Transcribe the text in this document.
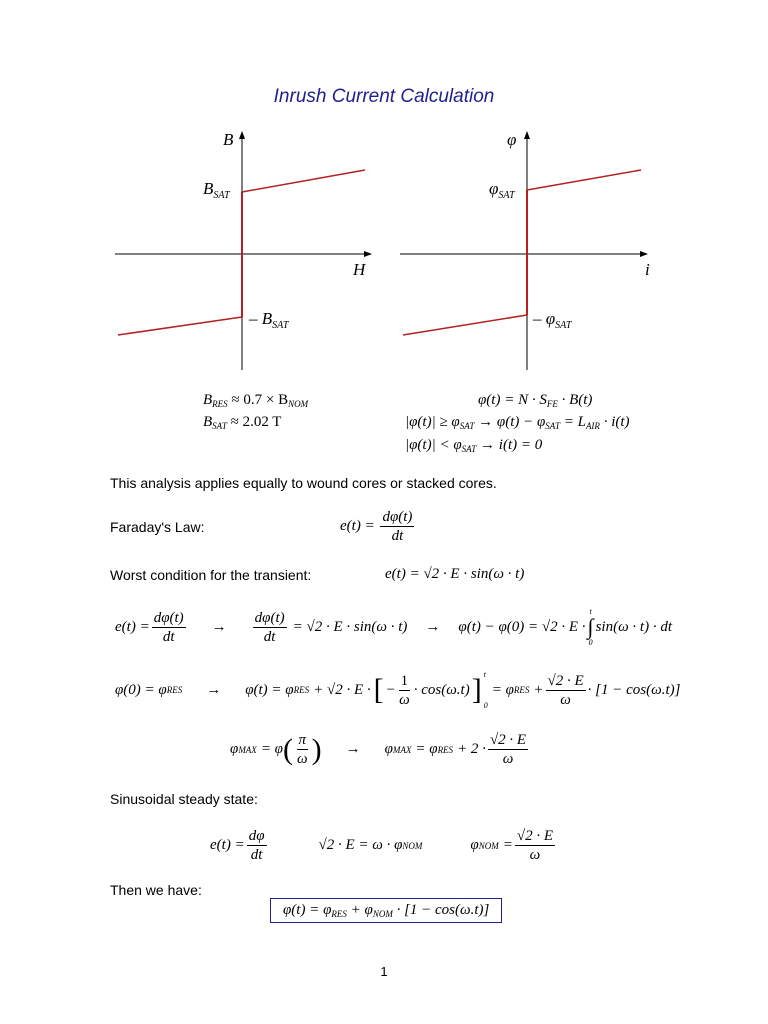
Inrush Current Calculation
B
H
$B_{SAT}$
– $B_{SAT}$
φ
i
$\varphi_{SAT}$
– $\varphi_{SAT}$
$B_{RES} \approx 0.7 \times B_{NOM}$
$B_{SAT} \approx 2.02$ T
$\varphi(t) = N \cdot S_{FE} \cdot B(t)$
$|\varphi(t)| \ge \varphi_{SAT} \to \varphi(t) - \varphi_{SAT} = L_{AIR} \cdot i(t)$
$|\varphi(t)| < \varphi_{SAT} \to i(t) = 0$
This analysis applies equally to wound cores or stacked cores.
Faraday's Law:	$e(t) = \frac{d\varphi(t)}{dt}$
Worst condition for the transient:	e(t) = √2 · E · sin(ω · t)
$e(t) = \frac{d\varphi(t)}{dt} \to \frac{d\varphi(t)}{dt} = √2 \cdot E \cdot \sin(\omega \cdot t) \to \varphi(t) - \varphi(0) = √2 \cdot E$ ·
t
∫
0
sin(ω · t) · dt
φ(0) = φ RES → φ(t) = φ RES + √2 · E · [ − $\frac{1}{\omega} \cdot \cos(\omega.t)$ ] t
0
= φ RES + $\frac{√2 \cdot E}{\omega} \cdot [1 - \cos(\omega.t)]$
φ MAX = φ ( $\frac{\pi}{\omega}$ ) → φ MAX = φ RES + $2 \cdot \frac{√2 \cdot E}{\omega}$
Sinusoidal steady state:
$e(t) = \frac{d\varphi}{dt}$	√2 · E = ω · φ NOM	φ NOM = $\frac{√2 \cdot E}{\omega}$
Then we have:
$\varphi(t) = \varphi_{RES} + \varphi_{NOM} \cdot [1 - \cos(\omega.t)]$
1
